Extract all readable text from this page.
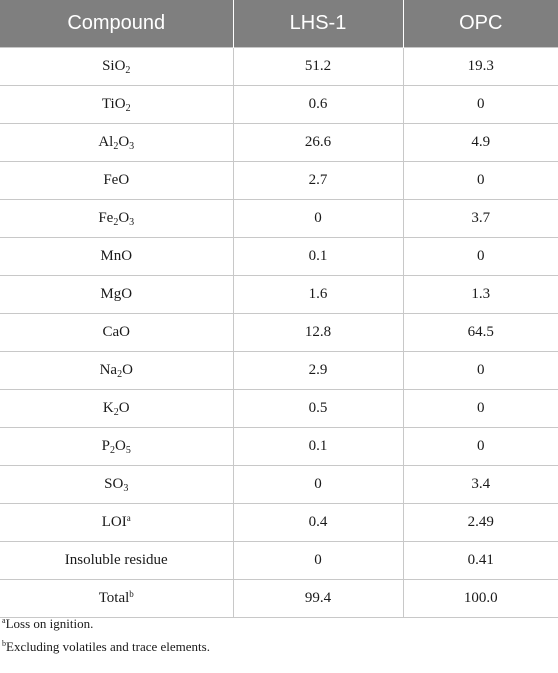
Compound	LHS-1	OPC
SiO$_2$	51.2	19.3
TiO$_2$	0.6	0
$Al_2O_3$	26.6	4.9
FeO	2.7	0
$Fe_2O_3$	0	3.7
MnO	0.1	0
MgO	1.6	1.3
CaO	12.8	64.5
$Na_2O$	2.9	0
$K_2O$	0.5	0
$P_2O_5$	0.1	0
$SO_3$	0	3.4
LOI$^a$	0.4	2.49
Insoluble residue	0	0.41
Total$^b$	99.4	100.0
$^a$Loss on ignition.
$^b$Excluding volatiles and trace elements.
